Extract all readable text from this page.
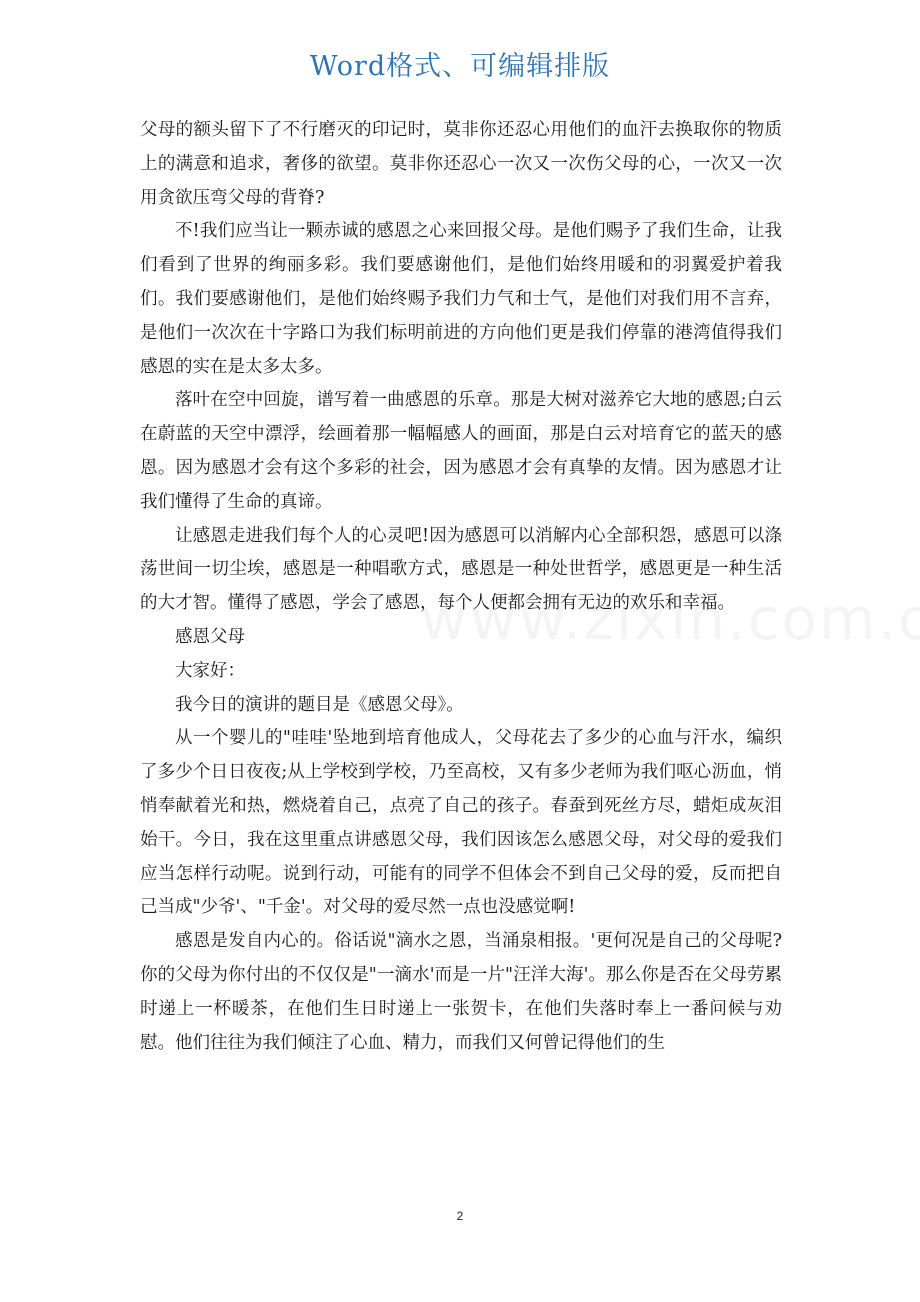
Word格式、可编辑排版

父母的额头留下了不行磨灭的印记时，莫非你还忍心用他们的血汗去换取你的物质上的满意和追求，奢侈的欲望。莫非你还忍心一次又一次伤父母的心，一次又一次用贪欲压弯父母的背脊?

不!我们应当让一颗赤诚的感恩之心来回报父母。是他们赐予了我们生命，让我们看到了世界的绚丽多彩。我们要感谢他们，是他们始终用暖和的羽翼爱护着我们。我们要感谢他们，是他们始终赐予我们力气和士气，是他们对我们用不言弃，是他们一次次在十字路口为我们标明前进的方向他们更是我们停靠的港湾值得我们感恩的实在是太多太多。

落叶在空中回旋，谱写着一曲感恩的乐章。那是大树对滋养它大地的感恩;白云在蔚蓝的天空中漂浮，绘画着那一幅幅感人的画面，那是白云对培育它的蓝天的感恩。因为感恩才会有这个多彩的社会，因为感恩才会有真挚的友情。因为感恩才让我们懂得了生命的真谛。

让感恩走进我们每个人的心灵吧!因为感恩可以消解内心全部积怨，感恩可以涤荡世间一切尘埃，感恩是一种唱歌方式，感恩是一种处世哲学，感恩更是一种生活的大才智。懂得了感恩，学会了感恩，每个人便都会拥有无边的欢乐和幸福。

感恩父母

大家好：

我今日的演讲的题目是《感恩父母》。

从一个婴儿的"哇哇'坠地到培育他成人，父母花去了多少的心血与汗水，编织了多少个日日夜夜;从上学校到学校，乃至高校，又有多少老师为我们呕心沥血，悄悄奉献着光和热，燃烧着自己，点亮了自己的孩子。春蚕到死丝方尽，蜡炬成灰泪始干。今日，我在这里重点讲感恩父母，我们因该怎么感恩父母，对父母的爱我们应当怎样行动呢。说到行动，可能有的同学不但体会不到自己父母的爱，反而把自己当成"少爷'、"千金'。对父母的爱尽然一点也没感觉啊!

感恩是发自内心的。俗话说"滴水之恩，当涌泉相报。'更何况是自己的父母呢?你的父母为你付出的不仅仅是"一滴水'而是一片"汪洋大海'。那么你是否在父母劳累时递上一杯暖茶，在他们生日时递上一张贺卡，在他们失落时奉上一番问候与劝慰。他们往往为我们倾注了心血、精力，而我们又何曾记得他们的生

2
